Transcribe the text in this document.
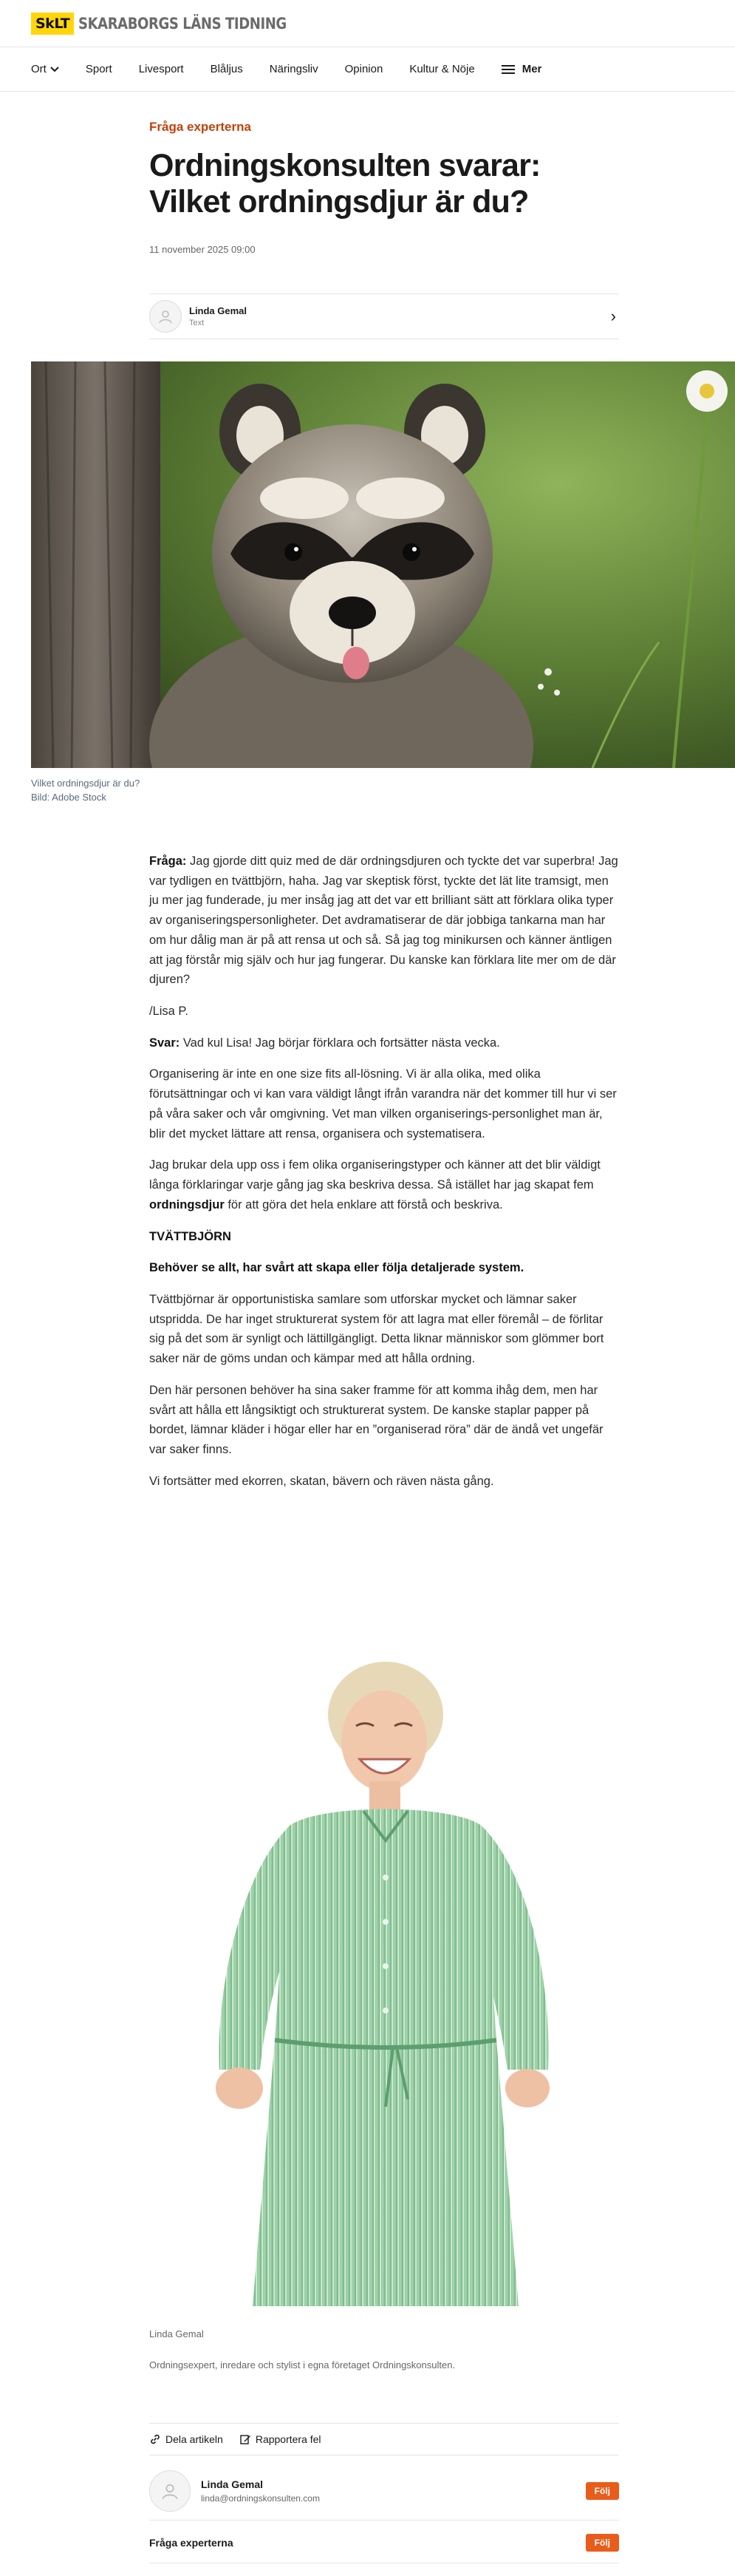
SkLT SKARABORGS LÄNS TIDNING
Ort	Sport Livesport Blåljus Näringsliv Opinion Kultur & Nöje	Mer
Fråga experterna
Ordningskonsulten svarar: Vilket ordningsdjur är du?
11 november 2025 09:00
Linda Gemal
Text	›
Vilket ordningsdjur är du?
Bild: Adobe Stock

Fråga: Jag gjorde ditt quiz med de där ordningsdjuren och tyckte det var superbra! Jag var tydligen en tvättbjörn, haha. Jag var skeptisk först, tyckte det lät lite tramsigt, men ju mer jag funderade, ju mer insåg jag att det var ett brilliant sätt att förklara olika typer av organiseringspersonligheter. Det avdramatiserar de där jobbiga tankarna man har om hur dålig man är på att rensa ut och så. Så jag tog minikursen och känner äntligen att jag förstår mig själv och hur jag fungerar. Du kanske kan förklara lite mer om de där djuren?

/Lisa P.

Svar: Vad kul Lisa! Jag börjar förklara och fortsätter nästa vecka.

Organisering är inte en one size fits all-lösning. Vi är alla olika, med olika förutsättningar och vi kan vara väldigt långt ifrån varandra när det kommer till hur vi ser på våra saker och vår omgivning. Vet man vilken organiserings-personlighet man är, blir det mycket lättare att rensa, organisera och systematisera.

Jag brukar dela upp oss i fem olika organiseringstyper och känner att det blir väldigt långa förklaringar varje gång jag ska beskriva dessa. Så istället har jag skapat fem ordningsdjur för att göra det hela enklare att förstå och beskriva.

TVÄTTBJÖRN

Behöver se allt, har svårt att skapa eller följa detaljerade system.

Tvättbjörnar är opportunistiska samlare som utforskar mycket och lämnar saker utspridda. De har inget strukturerat system för att lagra mat eller föremål – de förlitar sig på det som är synligt och lättillgängligt. Detta liknar människor som glömmer bort saker när de göms undan och kämpar med att hålla ordning.

Den här personen behöver ha sina saker framme för att komma ihåg dem, men har svårt att hålla ett långsiktigt och strukturerat system. De kanske staplar papper på bordet, lämnar kläder i högar eller har en ”organiserad röra” där de ändå vet ungefär var saker finns.

Vi fortsätter med ekorren, skatan, bävern och räven nästa gång.

Linda Gemal
Ordningsexpert, inredare och stylist i egna företaget Ordningskonsulten.
Dela artikeln	Rapportera fel
Linda Gemal
linda@ordningskonsulten.com
Följ
Fråga experterna	Följ
